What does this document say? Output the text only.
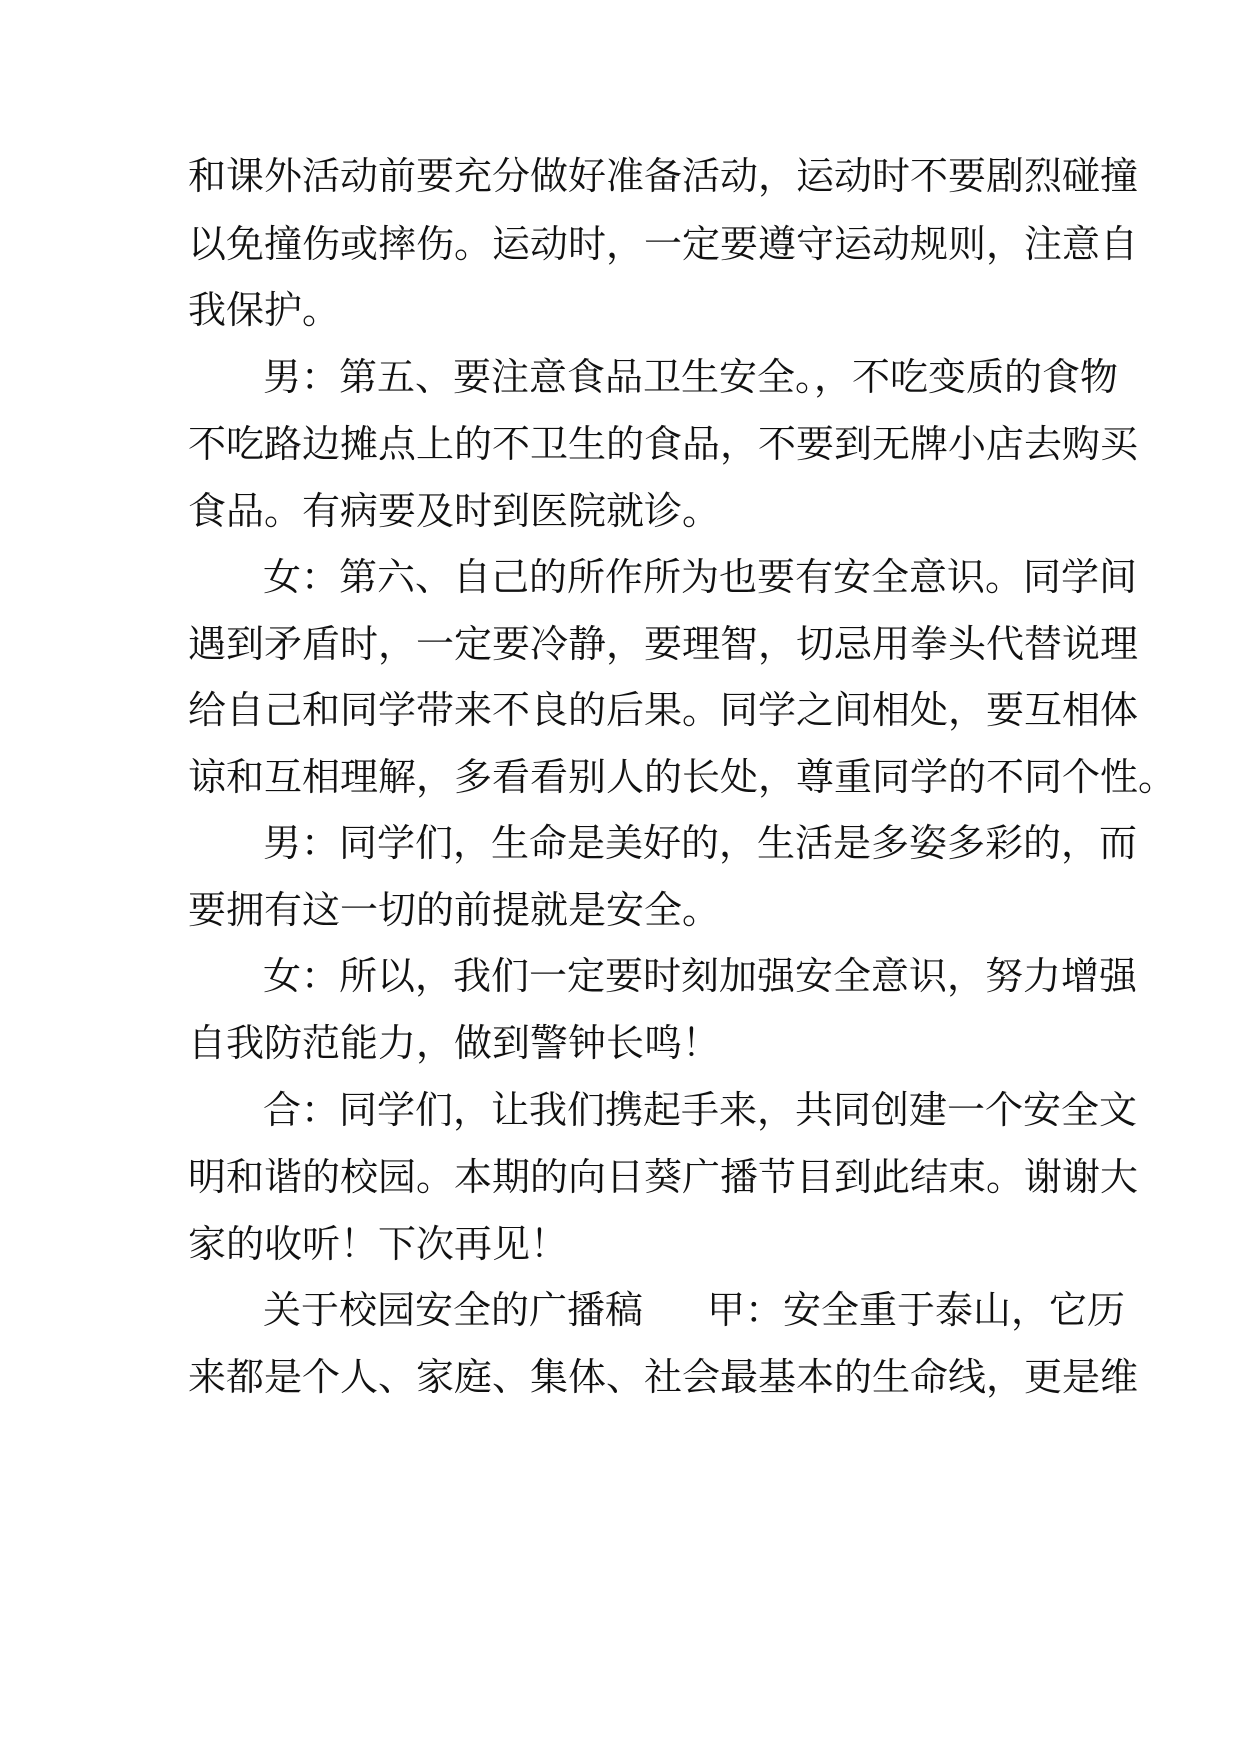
和课外活动前要充分做好准备活动，运动时不要剧烈碰撞
以免撞伤或摔伤。运动时，一定要遵守运动规则，注意自
我保护。
男：第五、要注意食品卫生安全。，不吃变质的食物
不吃路边摊点上的不卫生的食品，不要到无牌小店去购买
食品。有病要及时到医院就诊。
女：第六、自己的所作所为也要有安全意识。同学间
遇到矛盾时，一定要冷静，要理智，切忌用拳头代替说理
给自己和同学带来不良的后果。同学之间相处，要互相体
谅和互相理解，多看看别人的长处，尊重同学的不同个性。
男：同学们，生命是美好的，生活是多姿多彩的，而
要拥有这一切的前提就是安全。
女：所以，我们一定要时刻加强安全意识，努力增强
自我防范能力，做到警钟长鸣！
合：同学们，让我们携起手来，共同创建一个安全文
明和谐的校园。本期的向日葵广播节目到此结束。谢谢大
家的收听！下次再见！
关于校园安全的广播稿 甲：安全重于泰山，它历
来都是个人、家庭、集体、社会最基本的生命线，更是维
